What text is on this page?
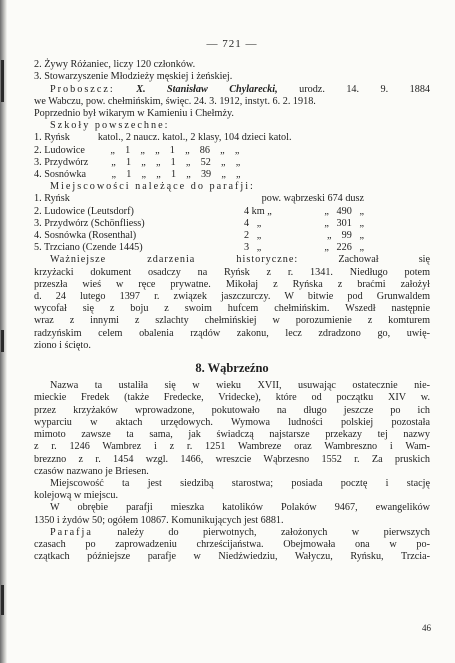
— 721 —
2. Żywy Różaniec, liczy 120 członków.
3. Stowarzyszenie Młodzieży męskiej i żeńskiej.
Proboszcz: X. Stanisław Chylarecki, urodz. 14. 9. 1884
we Wabczu, pow. chełmińskim, święc. 24. 3. 1912, instyt. 6. 2. 1918.
Poprzednio był wikarym w Kamieniu i Chełmży.
Szkoły powszechne:
1. Ryńsk           katol., 2 naucz. katol., 2 klasy, 104 dzieci katol.
2. Ludowice          „    1    „    „    1    „    86    „    „
3. Przydwórz         „    1    „    „    1    „    52    „    „
4. Sosnówka          „    1    „    „    1    „    39    „    „
Miejscowości należące do parafji:
1. Ryńsk	pow. wąbrzeski 674 dusz
2. Ludowice (Leutsdorf)	4 km „	„   490   „
3. Przydwórz (Schönfliess)	4   „	„   301   „
4. Sosnówka (Rosenthal)	2   „	„    99   „
5. Trzciano (Czende 1445)	3   „	„   226   „
Ważniejsze zdarzenia historyczne:	Zachował się
krzyżacki dokument osadczy na Ryńsk z r. 1341. Niedługo potem
przeszła wieś w ręce prywatne. Mikołaj z Ryńska z braćmi założył
d. 24 lutego 1397 r. związek jaszczurczy. W bitwie pod Grunwaldem
wycofał się z boju z swoim hufcem chełmińskim. Wszedł następnie
wraz z innymi z szlachty chełmińskiej w porozumienie z komturem
radzyńskim celem obalenia rządów zakonu, lecz zdradzono go, uwię-
ziono i ścięto.
8. Wąbrzeźno
Nazwa ta ustaliła się w wieku XVII, usuwając ostatecznie nie-
mieckie Fredek (także Fredecke, Vridecke), które od początku XIV w.
przez krzyżaków wprowadzone, pokutowało na długo jeszcze po ich
wyparciu w aktach urzędowych. Wymowa ludności polskiej pozostała
mimoto zawsze ta sama, jak świadczą najstarsze przekazy tej nazwy
z r. 1246 Wambrez i z r. 1251 Wambreze oraz Wambreszno i Wam-
brezzno z r. 1454 wzgl. 1466, wreszcie Wąbrzesno 1552 r. Za pruskich
czasów nazwano je Briesen.
Miejscowość ta jest siedzibą starostwa; posiada pocztę i stację
kolejową w miejscu.
W obrębie parafji mieszka katolików Polaków 9467, ewangelików
1350 i żydów 50; ogółem 10867. Komunikujących jest 6881.
Parafja należy do pierwotnych, założonych w pierwszych
czasach po zaprowadzeniu chrześcijaństwa. Obejmowała ona w po-
czątkach późniejsze parafje w Niedźwiedziu, Wałyczu, Ryńsku, Trzcia-
46
